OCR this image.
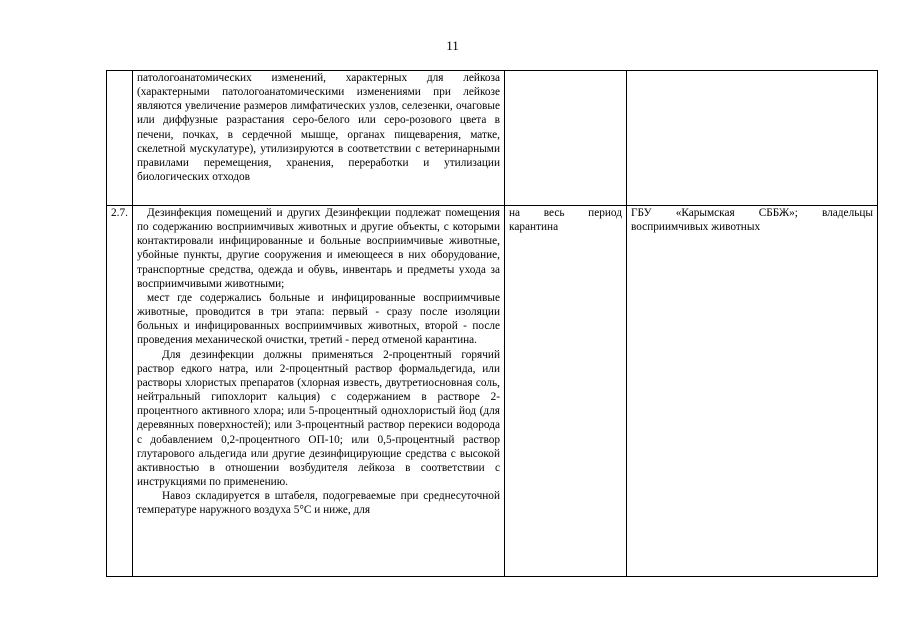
11

	патологоанатомических изменений, характерных для лейкоза (характерными патологоанатомическими изменениями при лейкозе являются увеличение размеров лимфатических узлов, селезенки, очаговые или диффузные разрастания серо-белого или серо-розового цвета в печени, почках, в сердечной мышце, органах пищеварения, матке, скелетной мускулатуре), утилизируются в соответствии с ветеринарными правилами перемещения, хранения, переработки и утилизации биологических отходов		

2.7.	Дезинфекция помещений и других Дезинфекции подлежат помещения по содержанию восприимчивых животных и другие объекты, с которыми контактировали инфицированные и больные восприимчивые животные, убойные пункты, другие сооружения и имеющееся в них оборудование, транспортные средства, одежда и обувь, инвентарь и предметы ухода за восприимчивыми животными;

мест где содержались больные и инфицированные восприимчивые животные, проводится в три этапа: первый - сразу после изоляции больных и инфицированных восприимчивых животных, второй - после проведения механической очистки, третий - перед отменой карантина.

Для дезинфекции должны применяться 2-процентный горячий раствор едкого натра, или 2-процентный раствор формальдегида, или растворы хлористых препаратов (хлорная известь, двутретиосновная соль, нейтральный гипохлорит кальция) с содержанием в растворе 2-процентного активного хлора; или 5-процентный однохлористый йод (для деревянных поверхностей); или 3-процентный раствор перекиси водорода с добавлением 0,2-процентного ОП-10; или 0,5-процентный раствор глутарового альдегида или другие дезинфицирующие средства с высокой активностью в отношении возбудителя лейкоза в соответствии с инструкциями по применению.

Навоз складируется в штабеля, подогреваемые при среднесуточной температуре наружного воздуха 5°С и ниже, для	на весь период карантина	ГБУ «Карымская СББЖ»; владельцы восприимчивых животных
